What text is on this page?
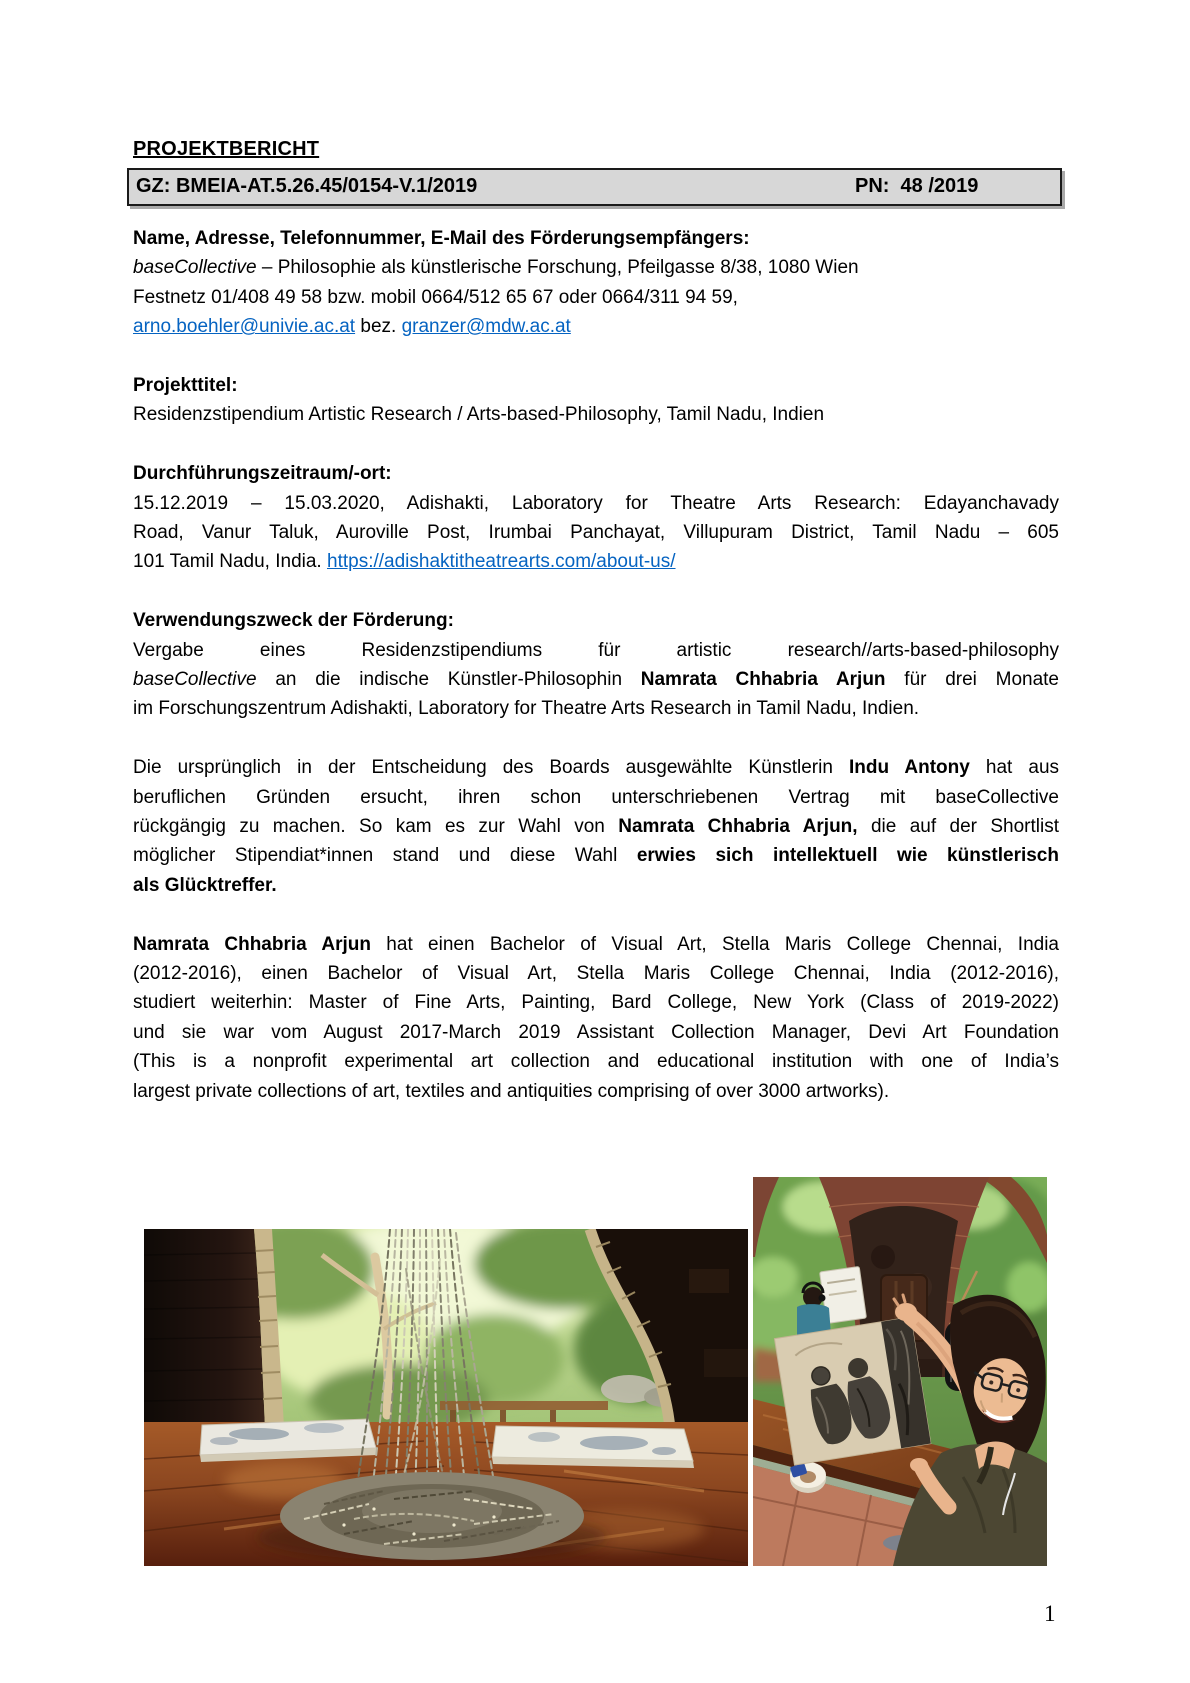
PROJEKTBERICHT
GZ: BMEIA-AT.5.26.45/0154-V.1/2019	PN:  48 /2019
Name, Adresse, Telefonnummer, E-Mail des Förderungsempfängers:
baseCollective – Philosophie als künstlerische Forschung, Pfeilgasse 8/38, 1080 Wien
Festnetz 01/408 49 58 bzw. mobil 0664/512 65 67 oder 0664/311 94 59,
arno.boehler@univie.ac.at bez. granzer@mdw.ac.at
Projekttitel:
Residenzstipendium Artistic Research / Arts-based-Philosophy, Tamil Nadu, Indien
Durchführungszeitraum/-ort:
15.12.2019 – 15.03.2020, Adishakti, Laboratory for Theatre Arts Research: Edayanchavady
Road, Vanur Taluk, Auroville Post, Irumbai Panchayat, Villupuram District, Tamil Nadu – 605
101 Tamil Nadu, India. https://adishaktitheatrearts.com/about-us/
Verwendungszweck der Förderung:
Vergabe eines Residenzstipendiums für artistic research//arts-based-philosophy
baseCollective an die indische Künstler-Philosophin Namrata Chhabria Arjun für drei Monate
im Forschungszentrum Adishakti, Laboratory for Theatre Arts Research in Tamil Nadu, Indien.
Die ursprünglich in der Entscheidung des Boards ausgewählte Künstlerin Indu Antony hat aus
beruflichen Gründen ersucht, ihren schon unterschriebenen Vertrag mit baseCollective
rückgängig zu machen. So kam es zur Wahl von Namrata Chhabria Arjun, die auf der Shortlist
möglicher Stipendiat*innen stand und diese Wahl erwies sich intellektuell wie künstlerisch
als Glücktreffer.
Namrata Chhabria Arjun hat einen Bachelor of Visual Art, Stella Maris College Chennai, India
(2012-2016), einen Bachelor of Visual Art, Stella Maris College Chennai, India (2012-2016),
studiert weiterhin: Master of Fine Arts, Painting, Bard College, New York (Class of 2019-2022)
und sie war vom August 2017-March 2019 Assistant Collection Manager, Devi Art Foundation
(This is a nonprofit experimental art collection and educational institution with one of India’s
largest private collections of art, textiles and antiquities comprising of over 3000 artworks).
1
